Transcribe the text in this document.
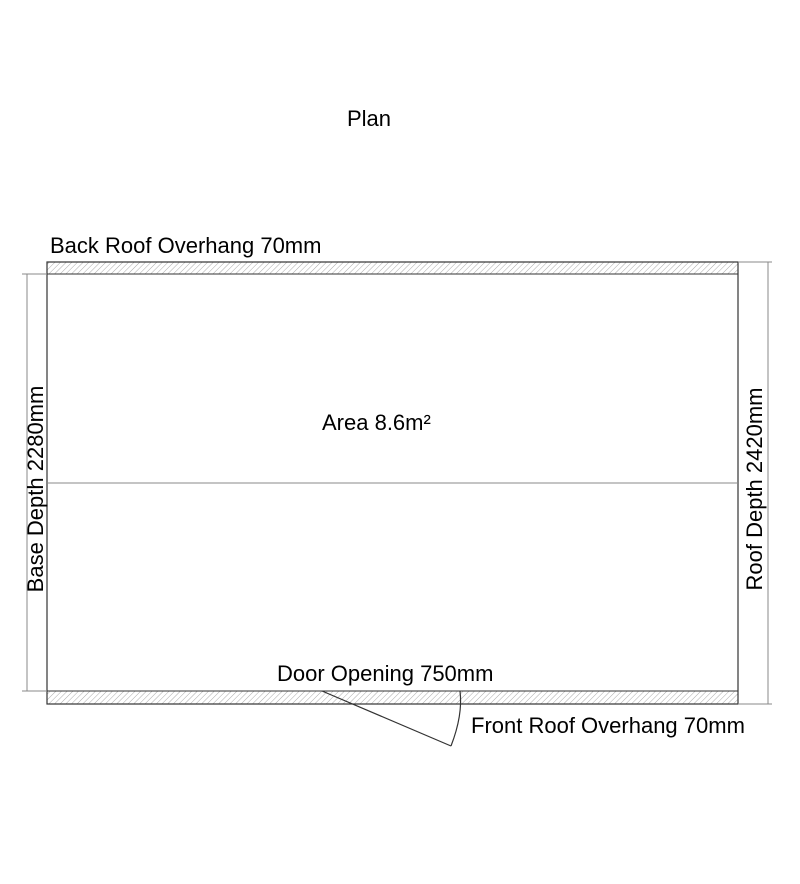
Plan
Back Roof Overhang 70mm
Area 8.6m²
Door Opening 750mm
Front Roof Overhang 70mm
Base Depth 2280mm	Roof Depth 2420mm
